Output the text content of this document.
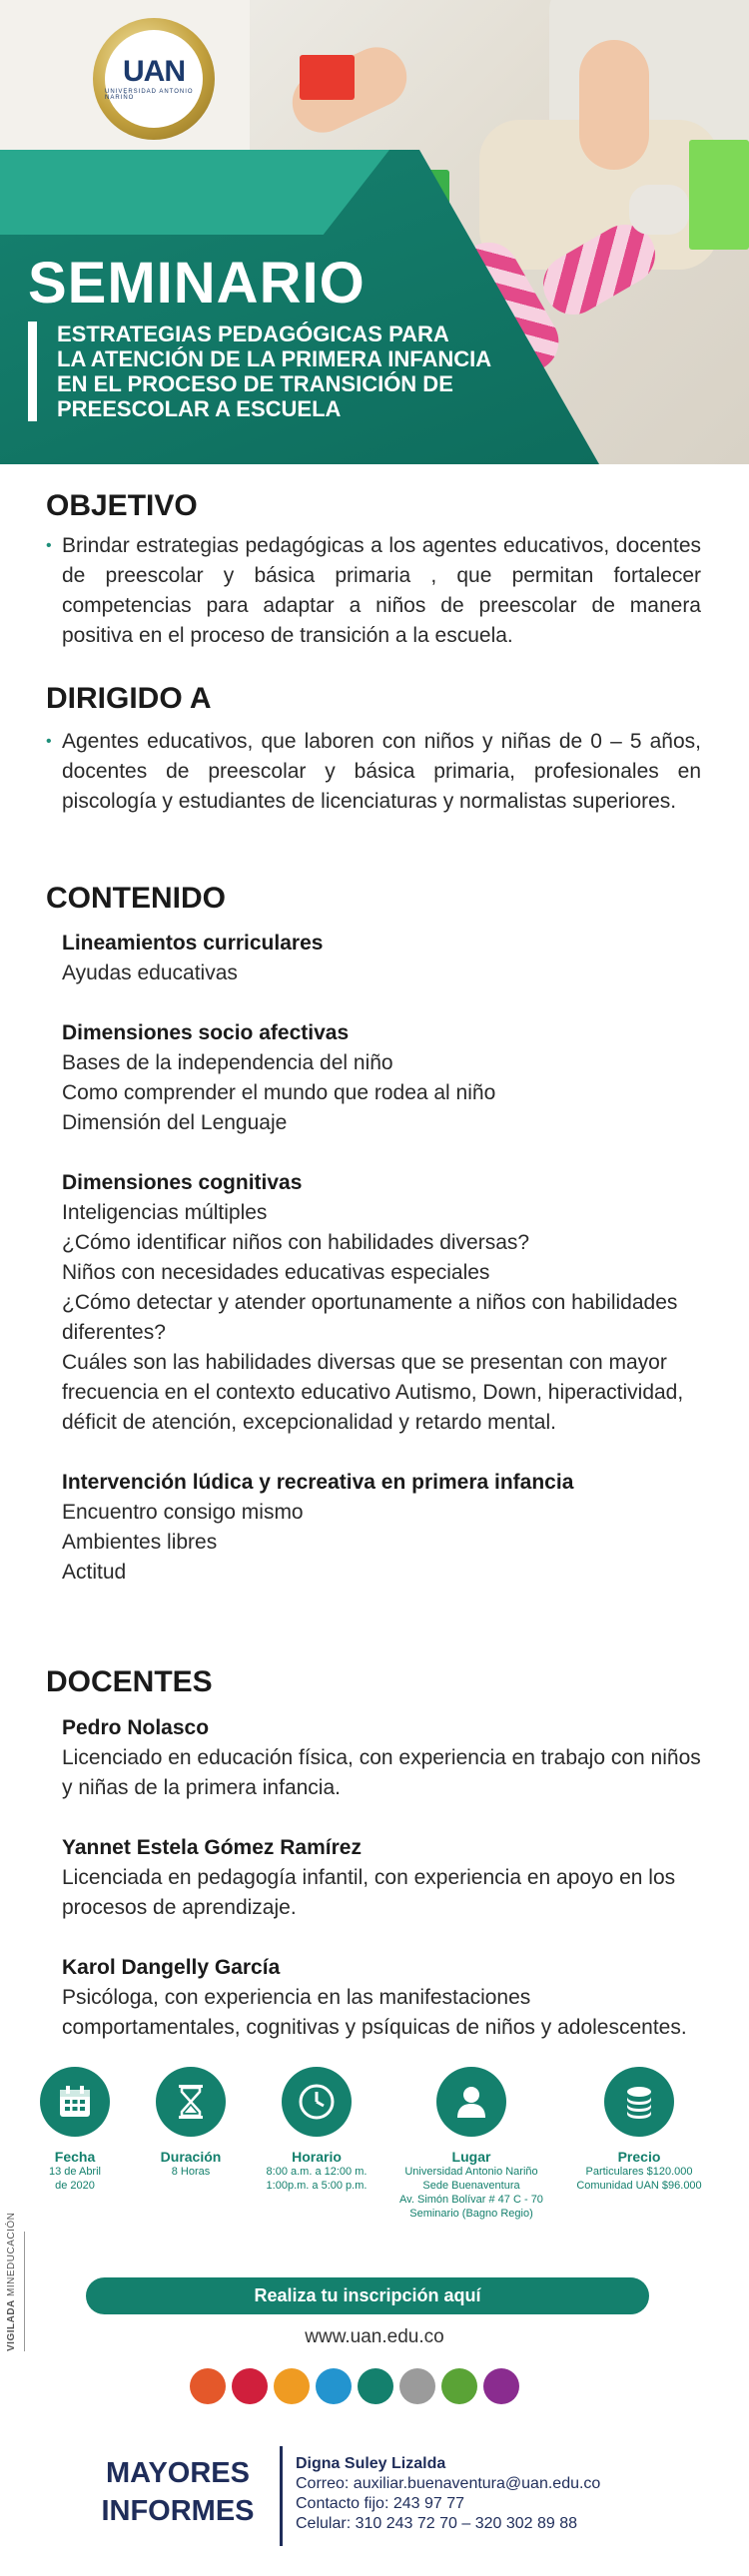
UAN
UNIVERSIDAD ANTONIO NARIÑO
SEMINARIO
ESTRATEGIAS PEDAGÓGICAS PARA
LA ATENCIÓN DE LA PRIMERA INFANCIA
EN EL PROCESO DE TRANSICIÓN DE
PREESCOLAR A ESCUELA
OBJETIVO
• Brindar estrategias pedagógicas a los agentes educativos, docentes de preescolar y básica primaria , que permitan fortalecer competencias para adaptar a niños de preescolar de manera positiva en el proceso de transición a la escuela.
DIRIGIDO A
• Agentes educativos, que laboren con niños y niñas de 0 – 5 años, docentes de preescolar y básica primaria, profesionales en piscología y estudiantes de licenciaturas y normalistas superiores.
CONTENIDO
Lineamientos curriculares
Ayudas educativas
Dimensiones socio afectivas
Bases de la independencia del niño
Como comprender el mundo que rodea al niño
Dimensión del Lenguaje
Dimensiones cognitivas
Inteligencias múltiples
¿Cómo identificar niños con habilidades diversas?
Niños con necesidades educativas especiales
¿Cómo detectar y atender oportunamente a niños con habilidades diferentes?
Cuáles son las habilidades diversas que se presentan con mayor frecuencia en el contexto educativo Autismo, Down, hiperactividad, déficit de atención, excepcionalidad y retardo mental.
Intervención lúdica y recreativa en primera infancia
Encuentro consigo mismo
Ambientes libres
Actitud
DOCENTES
Pedro Nolasco
Licenciado en educación física, con experiencia en trabajo con niños y niñas de la primera infancia.
Yannet Estela Gómez Ramírez
Licenciada en pedagogía infantil, con experiencia en apoyo en los procesos de aprendizaje.
Karol Dangelly García
Psicóloga, con experiencia en las manifestaciones comportamentales, cognitivas y psíquicas de niños y adolescentes.
Fecha
13 de Abril
de 2020
Duración
8 Horas
Horario
8:00 a.m. a 12:00 m.
1:00p.m. a 5:00 p.m.
Lugar
Universidad Antonio Nariño
Sede Buenaventura
Av. Simón Bolívar # 47 C - 70
Seminario (Bagno Regio)
Precio
Particulares $120.000
Comunidad UAN $96.000
VIGILADA MINEDUCACIÓN	Realiza tu inscripción aquí
www.uan.edu.co
MAYORES
INFORMES
Digna Suley Lizalda
Correo: auxiliar.buenaventura@uan.edu.co
Contacto fijo: 243 97 77
Celular: 310 243 72 70 – 320 302 89 88
